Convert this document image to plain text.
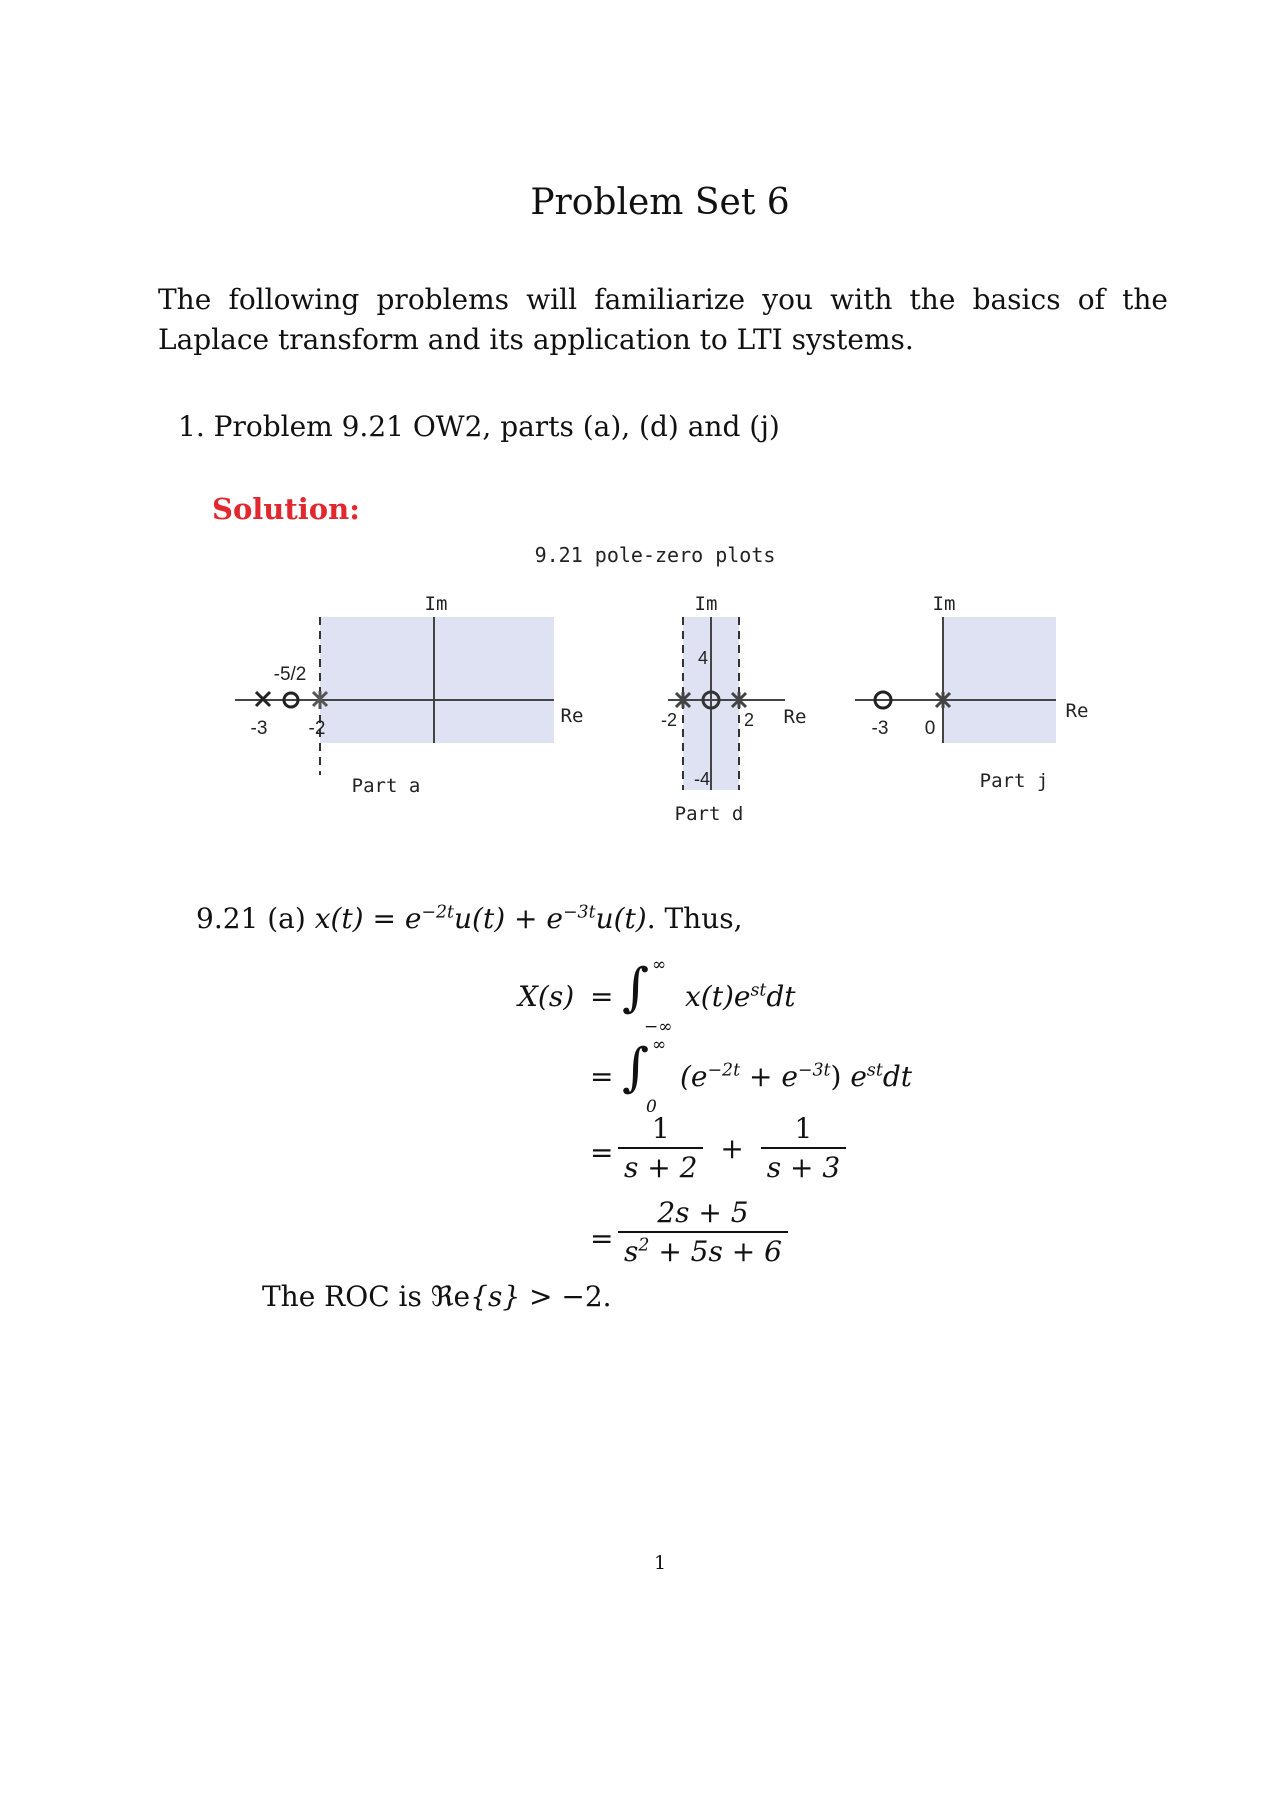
Problem Set 6
The following problems will familiarize you with the basics of the Laplace transform and its application to LTI systems.
1. Problem 9.21 OW2, parts (a), (d) and (j)
Solution:
9.21 pole-zero plots
Im
Re
-5/2
-3 -2
Part a
Im
Re
4
-2	2
-4
Part d
Im
Re
-3 0
Part j
9.21 (a) $x(t) = e^{-2t}u(t) + e^{-3t}u(t)$. Thus,
X(s) = ∫ ∞
−∞
$x(t)e^{st}dt$
= ∫ ∞
0
$(e^{-2t} + e^{-3t})$ $e^{st}dt$
= $\frac{1}{s + 2} + \frac{1}{s + 3}$
= $\frac{2s + 5}{s^2 + 5s + 6}$
The ROC is ℜe{s} > −2.
1
